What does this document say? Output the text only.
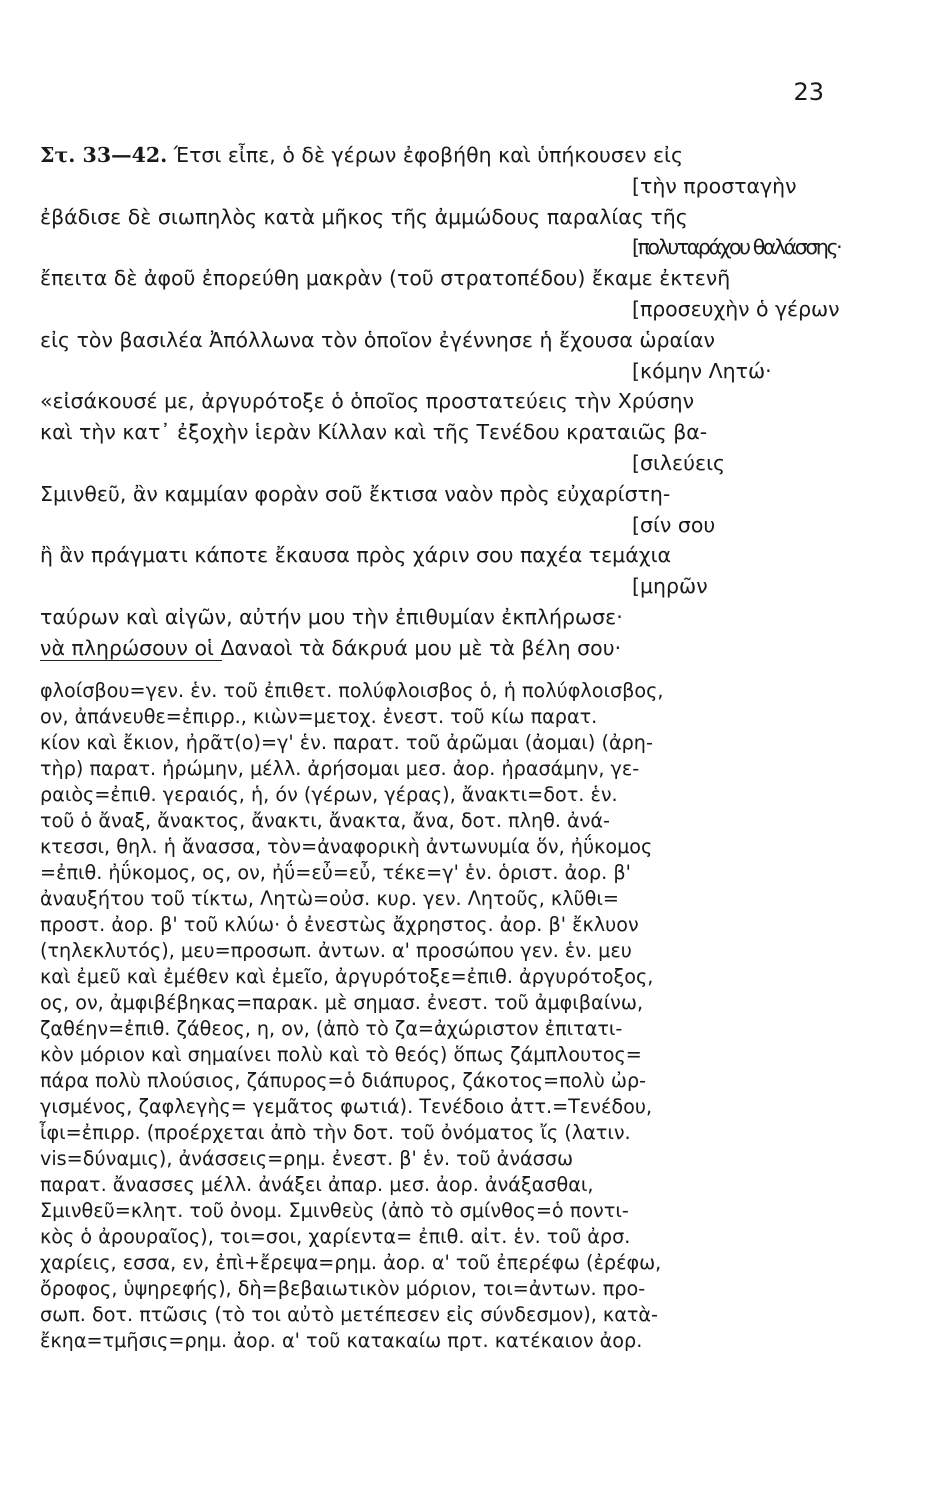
23
Στ. 33—42. Έτσι εἶπε, ὁ δὲ γέρων ἐφοβήθη καὶ ὑπήκουσεν εἰς
[τὴν προσταγὴν
ἐβάδισε δὲ σιωπηλὸς κατὰ μῆκος τῆς ἀμμώδους παραλίας τῆς
[πολυταράχου θαλάσσης·
ἔπειτα δὲ ἀφοῦ ἐπορεύθη μακρὰν (τοῦ στρατοπέδου) ἔκαμε ἐκτενῆ
[προσευχὴν ὁ γέρων
εἰς τὸν βασιλέα Ἀπόλλωνα τὸν ὁποῖον ἐγέννησε ἡ ἔχουσα ὡραίαν
[κόμην Λητώ·
«εἰσάκουσέ με, ἀργυρότοξε ὁ ὁποῖος προστατεύεις τὴν Χρύσην
καὶ τὴν κατ᾽ ἐξοχὴν ἱερὰν Κίλλαν καὶ τῆς Τενέδου κραταιῶς βα-
[σιλεύεις
Σμινθεῦ, ἂν καμμίαν φορὰν σοῦ ἔκτισα ναὸν πρὸς εὐχαρίστη-
[σίν σου
ἢ ἂν πράγματι κάποτε ἔκαυσα πρὸς χάριν σου παχέα τεμάχια
[μηρῶν
ταύρων καὶ αἰγῶν, αὐτήν μου τὴν ἐπιθυμίαν ἐκπλήρωσε·
νὰ πληρώσουν οἱ Δαναοὶ τὰ δάκρυά μου μὲ τὰ βέλη σου·
φλοίσβου=γεν. ἑν. τοῦ ἐπιθετ. πολύφλοισβος ὁ, ἡ πολύφλοισβος,
ον, ἀπάνευθε=ἐπιρρ., κιὼν=μετοχ. ἐνεστ. τοῦ κίω παρατ.
κίον καὶ ἔκιον, ἠρᾶτ(ο)=γ' ἑν. παρατ. τοῦ ἀρῶμαι (ἀομαι) (ἀρη-
τὴρ) παρατ. ἠρώμην, μέλλ. ἀρήσομαι μεσ. ἀορ. ἠρασάμην, γε-
ραιὸς=ἐπιθ. γεραιός, ἡ, όν (γέρων, γέρας), ἄνακτι=δοτ. ἑν.
τοῦ ὁ ἄναξ, ἄνακτος, ἄνακτι, ἄνακτα, ἄνα, δοτ. πληθ. ἀνά-
κτεσσι, θηλ. ἡ ἄνασσα, τὸν=ἀναφορικὴ ἀντωνυμία ὅν, ἠΰκομος
=ἐπιθ. ἠΰκομος, ος, ον, ἠΰ=εὖ=εὖ, τέκε=γ' ἑν. ὁριστ. ἀορ. β'
ἀναυξήτου τοῦ τίκτω, Λητὼ=οὐσ. κυρ. γεν. Λητοῦς, κλῦθι=
προστ. ἀορ. β' τοῦ κλύω· ὁ ἐνεστὼς ἄχρηστος. ἀορ. β' ἔκλυον
(τηλεκλυτός), μευ=προσωπ. ἀντων. α' προσώπου γεν. ἑν. μευ
καὶ ἐμεῦ καὶ ἐμέθεν καὶ ἐμεῖο, ἀργυρότοξε=ἐπιθ. ἀργυρότοξος,
ος, ον, ἀμφιβέβηκας=παρακ. μὲ σημασ. ἐνεστ. τοῦ ἀμφιβαίνω,
ζαθέην=ἐπιθ. ζάθεος, η, ον, (ἀπὸ τὸ ζα=ἀχώριστον ἐπιτατι-
κὸν μόριον καὶ σημαίνει πολὺ καὶ τὸ θεός) ὅπως ζάμπλουτος=
πάρα πολὺ πλούσιος, ζάπυρος=ὁ διάπυρος, ζάκοτος=πολὺ ὠρ-
γισμένος, ζαφλεγὴς= γεμᾶτος φωτιά). Τενέδοιο ἀττ.=Τενέδου,
ἶφι=ἐπιρρ. (προέρχεται ἀπὸ τὴν δοτ. τοῦ ὀνόματος ἴς (λατιν.
vis=δύναμις), ἀνάσσεις=ρημ. ἐνεστ. β' ἑν. τοῦ ἀνάσσω
παρατ. ἄνασσες μέλλ. ἀνάξει ἀπαρ. μεσ. ἀορ. ἀνάξασθαι,
Σμινθεῦ=κλητ. τοῦ ὀνομ. Σμινθεὺς (ἀπὸ τὸ σμίνθος=ὁ ποντι-
κὸς ὁ ἀρουραῖος), τοι=σοι, χαρίεντα= ἐπιθ. αἰτ. ἑν. τοῦ ἀρσ.
χαρίεις, εσσα, εν, ἐπὶ+ἔρεψα=ρημ. ἀορ. α' τοῦ ἐπερέφω (ἐρέφω,
ὄροφος, ὑψηρεφής), δὴ=βεβαιωτικὸν μόριον, τοι=ἀντων. προ-
σωπ. δοτ. πτῶσις (τὸ τοι αὐτὸ μετέπεσεν εἰς σύνδεσμον), κατὰ-
ἔκηα=τμῆσις=ρημ. ἀορ. α' τοῦ κατακαίω πρτ. κατέκαιον ἀορ.
